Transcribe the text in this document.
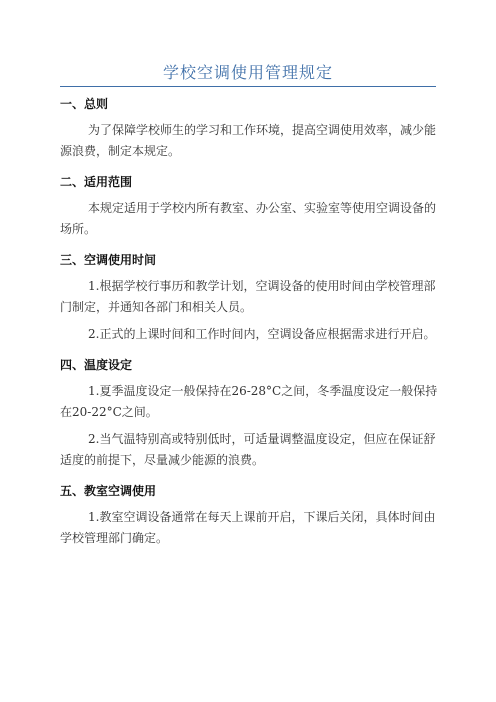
学校空调使用管理规定
一、总则

为了保障学校师生的学习和工作环境，提高空调使用效率，减少能源浪费，制定本规定。

二、适用范围

本规定适用于学校内所有教室、办公室、实验室等使用空调设备的场所。

三、空调使用时间

1.根据学校行事历和教学计划，空调设备的使用时间由学校管理部门制定，并通知各部门和相关人员。

2.正式的上课时间和工作时间内，空调设备应根据需求进行开启。

四、温度设定

1.夏季温度设定一般保持在26-28°C之间，冬季温度设定一般保持在20-22°C之间。

2.当气温特别高或特别低时，可适量调整温度设定，但应在保证舒适度的前提下，尽量减少能源的浪费。

五、教室空调使用

1.教室空调设备通常在每天上课前开启，下课后关闭，具体时间由学校管理部门确定。
